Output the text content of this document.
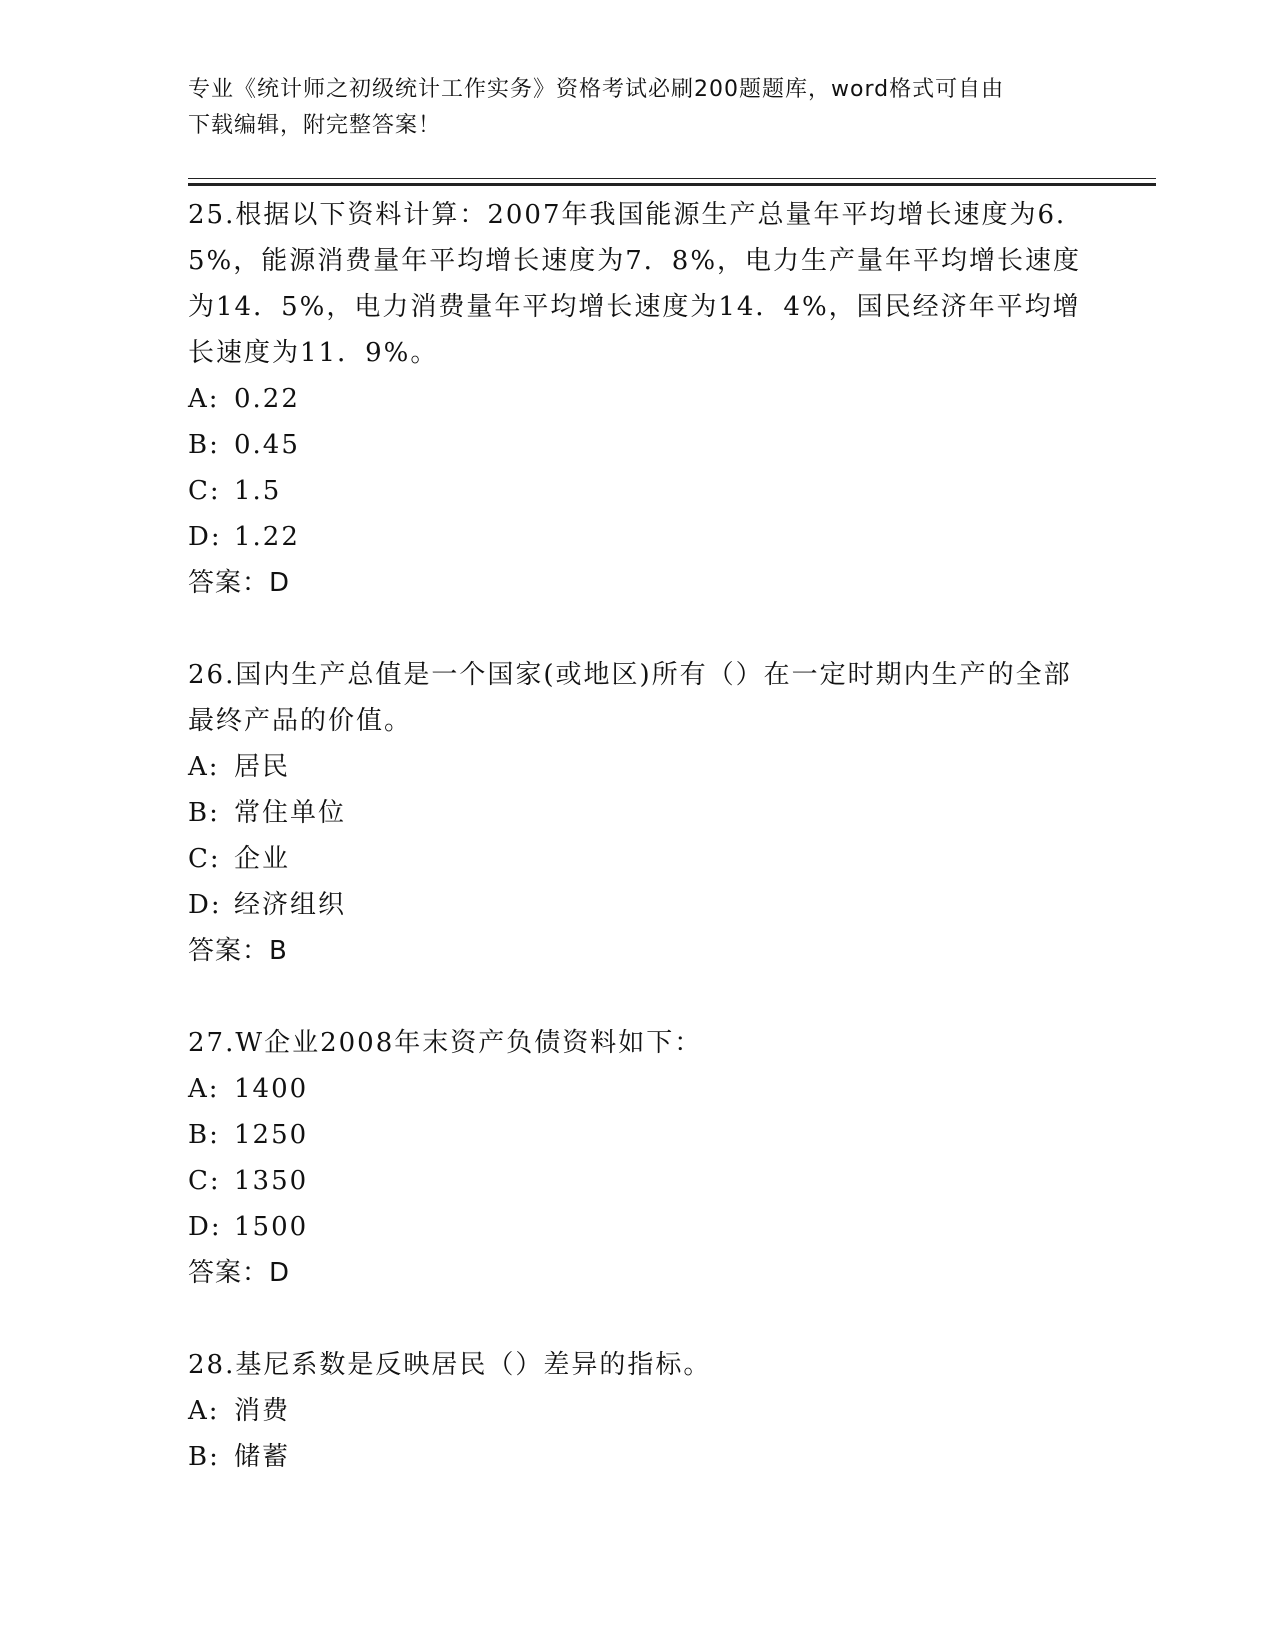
专业《统计师之初级统计工作实务》资格考试必刷200题题库，word格式可自由
下载编辑，附完整答案！

25.根据以下资料计算：2007年我国能源生产总量年平均增长速度为6．5%，能源消费量年平均增长速度为7．8%，电力生产量年平均增长速度为14．5%，电力消费量年平均增长速度为14．4%，国民经济年平均增长速度为11．9%。

A: 0.22

B: 0.45

C: 1.5

D: 1.22

答案：D

26.国内生产总值是一个国家(或地区)所有（）在一定时期内生产的全部最终产品的价值。

A: 居民

B: 常住单位

C: 企业

D: 经济组织

答案：B

27.W企业2008年末资产负债资料如下：

A: 1400

B: 1250

C: 1350

D: 1500

答案：D

28.基尼系数是反映居民（）差异的指标。

A: 消费

B: 储蓄
